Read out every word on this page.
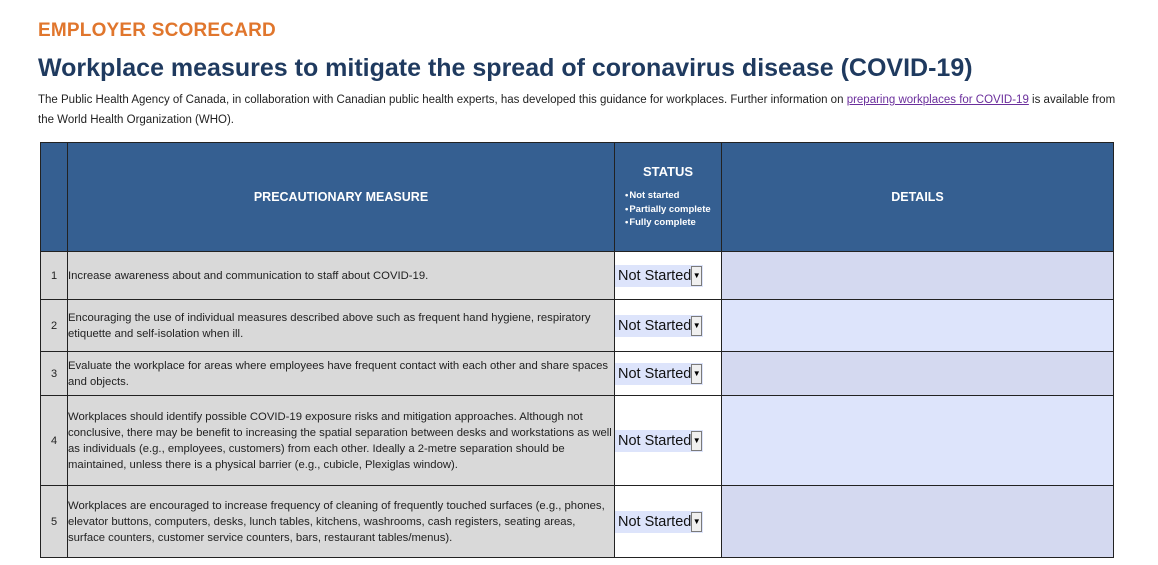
EMPLOYER SCORECARD
Workplace measures to mitigate the spread of coronavirus disease (COVID-19)
The Public Health Agency of Canada, in collaboration with Canadian public health experts, has developed this guidance for workplaces. Further information on preparing workplaces for COVID-19 is available from the World Health Organization (WHO).
	PRECAUTIONARY MEASURE	STATUS
• Not started
• Partially complete
• Fully complete	DETAILS
1	Increase awareness about and communication to staff about COVID-19.	Not Started ▼	

2	Encouraging the use of individual measures described above such as frequent hand hygiene, respiratory etiquette and self-isolation when ill.	Not Started ▼	

3	Evaluate the workplace for areas where employees have frequent contact with each other and share spaces and objects.	Not Started ▼	

4	Workplaces should identify possible COVID-19 exposure risks and mitigation approaches. Although not conclusive, there may be benefit to increasing the spatial separation between desks and workstations as well as individuals (e.g., employees, customers) from each other. Ideally a 2-metre separation should be maintained, unless there is a physical barrier (e.g., cubicle, Plexiglas window).	Not Started ▼	

5	Workplaces are encouraged to increase frequency of cleaning of frequently touched surfaces (e.g., phones, elevator buttons, computers, desks, lunch tables, kitchens, washrooms, cash registers, seating areas, surface counters, customer service counters, bars, restaurant tables/menus).	Not Started ▼	
